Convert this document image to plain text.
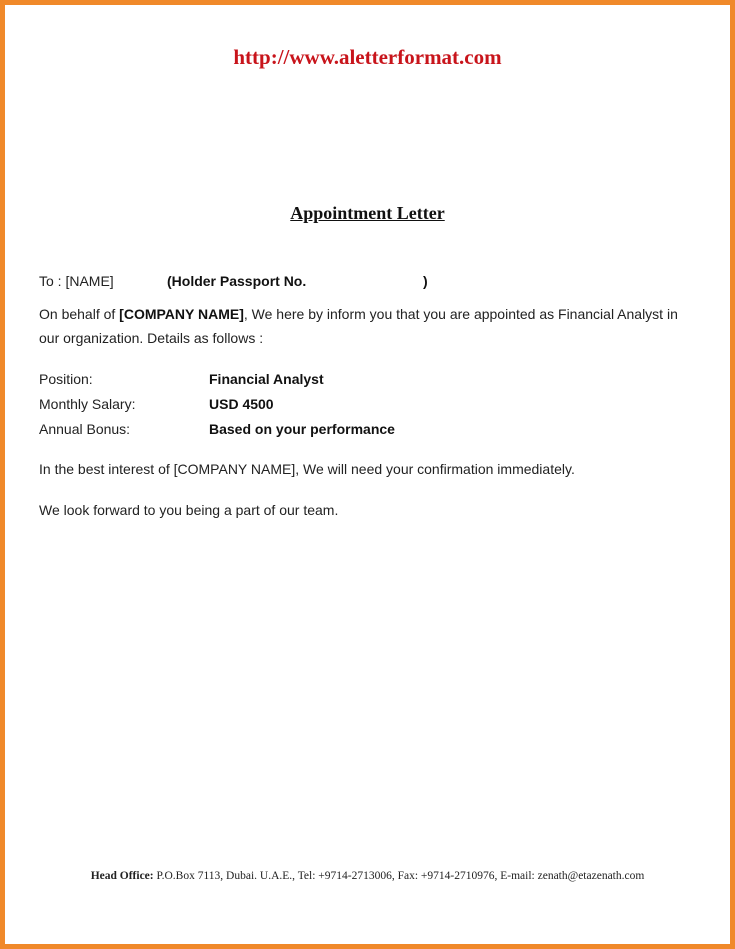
http://www.aletterformat.com
Appointment Letter
To : [NAME]	(Holder Passport No.	)
On behalf of [COMPANY NAME], We here by inform you that you are appointed as Financial Analyst in
our organization. Details as follows :
Position:	Financial Analyst
Monthly Salary:	USD 4500
Annual Bonus:	Based on your performance
In the best interest of [COMPANY NAME], We will need your confirmation immediately.
We look forward to you being a part of our team.
Head Office: P.O.Box 7113, Dubai. U.A.E., Tel: +9714-2713006, Fax: +9714-2710976, E-mail: zenath@etazenath.com
